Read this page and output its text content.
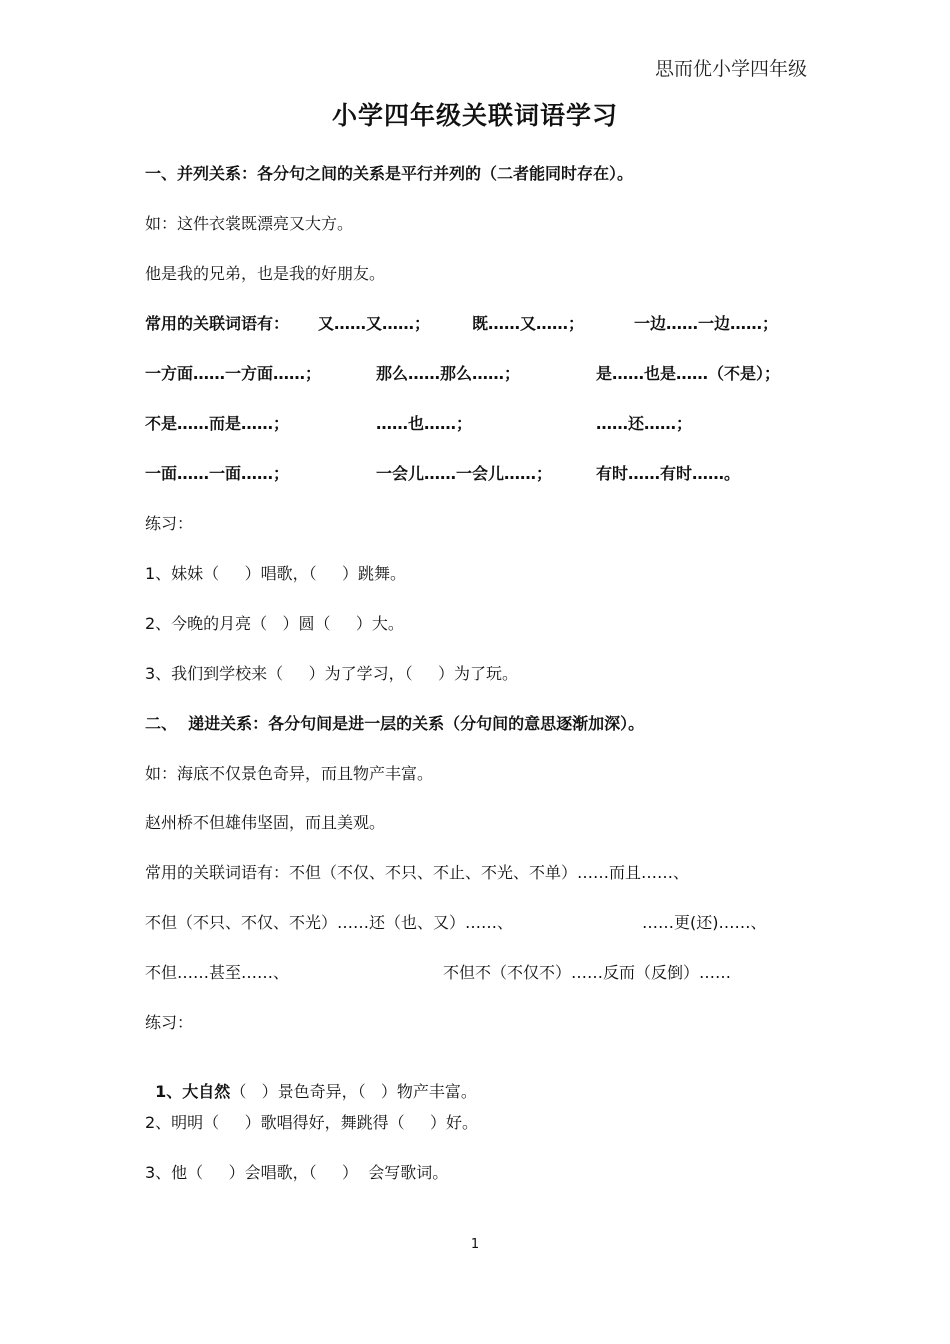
思而优小学四年级
小学四年级关联词语学习
一、并列关系：各分句之间的关系是平行并列的（二者能同时存在）。
如：这件衣裳既漂亮又大方。
他是我的兄弟，也是我的好朋友。
常用的关联词语有： 又……又……；	既……又……；	一边……一边……；
一方面……一方面……；	那么……那么……；	是……也是……（不是）；
不是……而是……；	……也……；	……还……；
一面……一面……；	一会儿……一会儿……；	有时……有时……。
练习：
1、妹妹（     ）唱歌，（     ）跳舞。
2、今晚的月亮（   ）圆（     ）大。
3、我们到学校来（     ）为了学习，（     ）为了玩。
二、  递进关系：各分句间是进一层的关系（分句间的意思逐渐加深）。
如：海底不仅景色奇异，而且物产丰富。
赵州桥不但雄伟坚固，而且美观。
常用的关联词语有：不但（不仅、不只、不止、不光、不单）……而且……、
不但（不只、不仅、不光）……还（也、又）……、	……更(还)……、
不但……甚至……、	不但不（不仅不）……反而（反倒）……
练习：

1、大自然（   ）景色奇异，（   ）物产丰富。

2、明明（     ）歌唱得好，舞跳得（     ）好。
3、他（     ）会唱歌，（     ）  会写歌词。
1
